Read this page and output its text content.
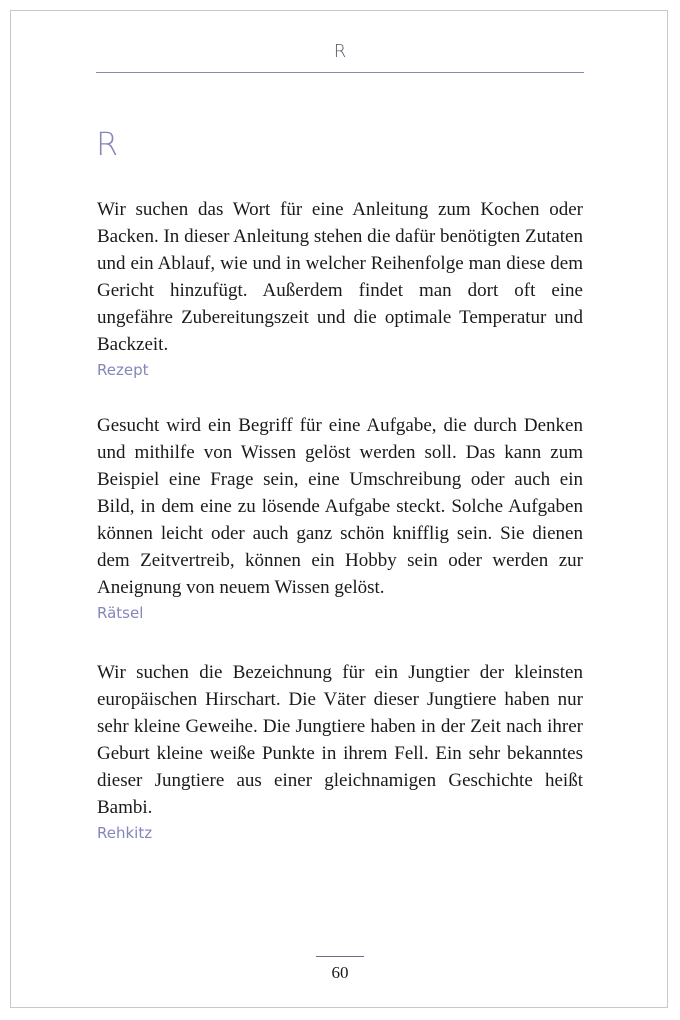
R
R

Wir suchen das Wort für eine Anleitung zum Kochen oder Backen. In dieser Anleitung stehen die dafür benötigten Zutaten und ein Ablauf, wie und in welcher Reihenfolge man diese dem Gericht hinzufügt. Außerdem findet man dort oft eine ungefähre Zubereitungszeit und die optimale Temperatur und Backzeit.

Rezept

Gesucht wird ein Begriff für eine Aufgabe, die durch Denken und mithilfe von Wissen gelöst werden soll. Das kann zum Beispiel eine Frage sein, eine Umschreibung oder auch ein Bild, in dem eine zu lösende Aufgabe steckt. Solche Aufgaben können leicht oder auch ganz schön knifflig sein. Sie dienen dem Zeitvertreib, können ein Hobby sein oder werden zur Aneignung von neuem Wissen gelöst.

Rätsel

Wir suchen die Bezeichnung für ein Jungtier der kleinsten europäischen Hirschart. Die Väter dieser Jungtiere haben nur sehr kleine Geweihe. Die Jungtiere haben in der Zeit nach ihrer Geburt kleine weiße Punkte in ihrem Fell. Ein sehr bekanntes dieser Jungtiere aus einer gleichnamigen Geschichte heißt Bambi.

Rehkitz

60
